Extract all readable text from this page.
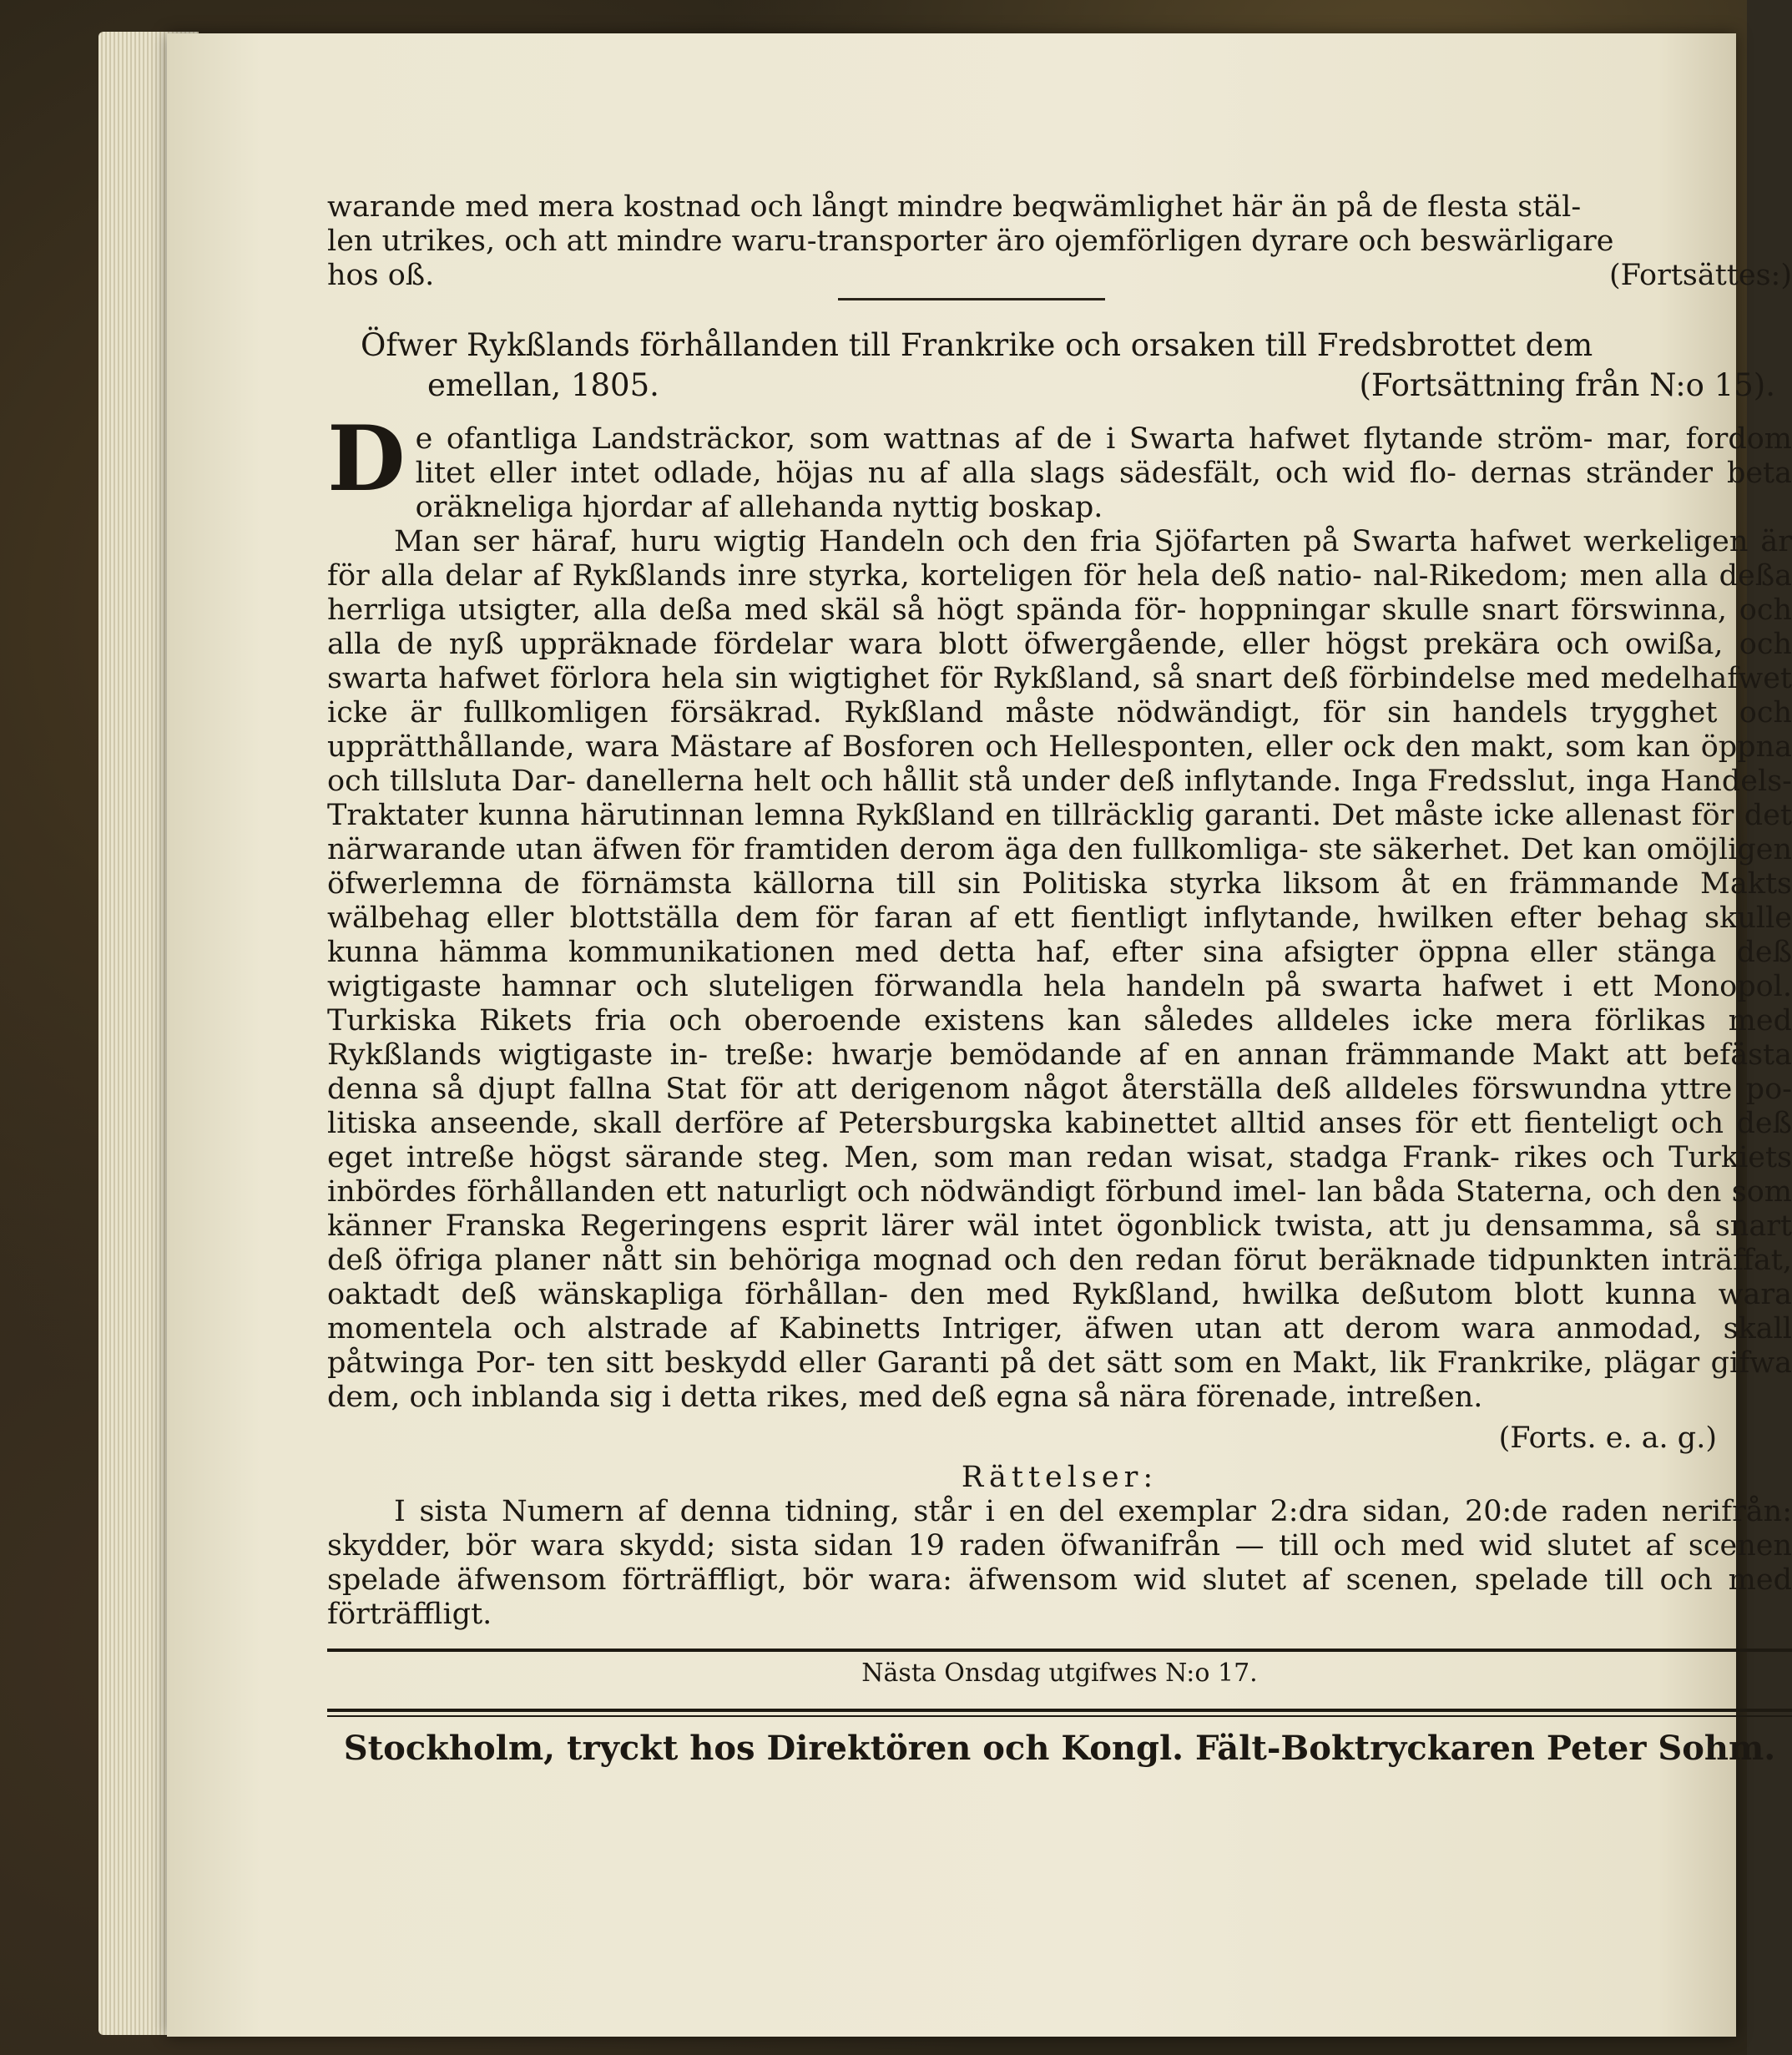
warande med mera kostnad och långt mindre beqwämlighet här än på de flesta stäl-

len utrikes, och att mindre waru-transporter äro ojemförligen dyrare och beswärligare

hos oß.	(Fortsättes:)
Öfwer Rykßlands förhållanden till Frankrike och orsaken till Fredsbrottet dem
emellan, 1805.	(Fortsättning från N:o 15).
D e ofantliga Landsträckor, som wattnas af de i Swarta hafwet flytande ström- mar, fordom litet eller intet odlade, höjas nu af alla slags sädesfält, och wid flo- dernas stränder beta oräkneliga hjordar af allehanda nyttig boskap.

Man ser häraf, huru wigtig Handeln och den fria Sjöfarten på Swarta hafwet werkeligen är för alla delar af Rykßlands inre styrka, korteligen för hela deß natio- nal-Rikedom; men alla deßa herrliga utsigter, alla deßa med skäl så högt spända för- hoppningar skulle snart förswinna, och alla de nyß uppräknade fördelar wara blott öfwergående, eller högst prekära och owißa, och swarta hafwet förlora hela sin wigtighet för Rykßland, så snart deß förbindelse med medelhafwet icke är fullkomligen försäkrad. Rykßland måste nödwändigt, för sin handels trygghet och upprätthållande, wara Mästare af Bosforen och Hellesponten, eller ock den makt, som kan öppna och tillsluta Dar- danellerna helt och hållit stå under deß inflytande. Inga Fredsslut, inga Handels- Traktater kunna härutinnan lemna Rykßland en tillräcklig garanti. Det måste icke allenast för det närwarande utan äfwen för framtiden derom äga den fullkomliga- ste säkerhet. Det kan omöjligen öfwerlemna de förnämsta källorna till sin Politiska styrka liksom åt en främmande Makts wälbehag eller blottställa dem för faran af ett fientligt inflytande, hwilken efter behag skulle kunna hämma kommunikationen med detta haf, efter sina afsigter öppna eller stänga deß wigtigaste hamnar och sluteligen förwandla hela handeln på swarta hafwet i ett Monopol. Turkiska Rikets fria och oberoende existens kan således alldeles icke mera förlikas med Rykßlands wigtigaste in- treße: hwarje bemödande af en annan främmande Makt att befästa denna så djupt fallna Stat för att derigenom något återställa deß alldeles förswundna yttre po- litiska anseende, skall derföre af Petersburgska kabinettet alltid anses för ett fienteligt och deß eget intreße högst särande steg. Men, som man redan wisat, stadga Frank- rikes och Turkiets inbördes förhållanden ett naturligt och nödwändigt förbund imel- lan båda Staterna, och den som känner Franska Regeringens esprit lärer wäl intet ögonblick twista, att ju densamma, så snart deß öfriga planer nått sin behöriga mognad och den redan förut beräknade tidpunkten inträffat, oaktadt deß wänskapliga förhållan- den med Rykßland, hwilka deßutom blott kunna wara momentela och alstrade af Kabinetts Intriger, äfwen utan att derom wara anmodad, skall påtwinga Por- ten sitt beskydd eller Garanti på det sätt som en Makt, lik Frankrike, plägar gifwa dem, och inblanda sig i detta rikes, med deß egna så nära förenade, intreßen.

(Forts. e. a. g.)
Rättelser:

I sista Numern af denna tidning, står i en del exemplar 2:dra sidan, 20:de raden nerifrån: skydder, bör wara skydd; sista sidan 19 raden öfwanifrån — till och med wid slutet af scenen spelade äfwensom förträffligt, bör wara: äfwensom wid slutet af scenen, spelade till och med förträffligt.

Nästa Onsdag utgifwes N:o 17.
Stockholm, tryckt hos Direktören och Kongl. Fält-Boktryckaren Peter Sohm.
